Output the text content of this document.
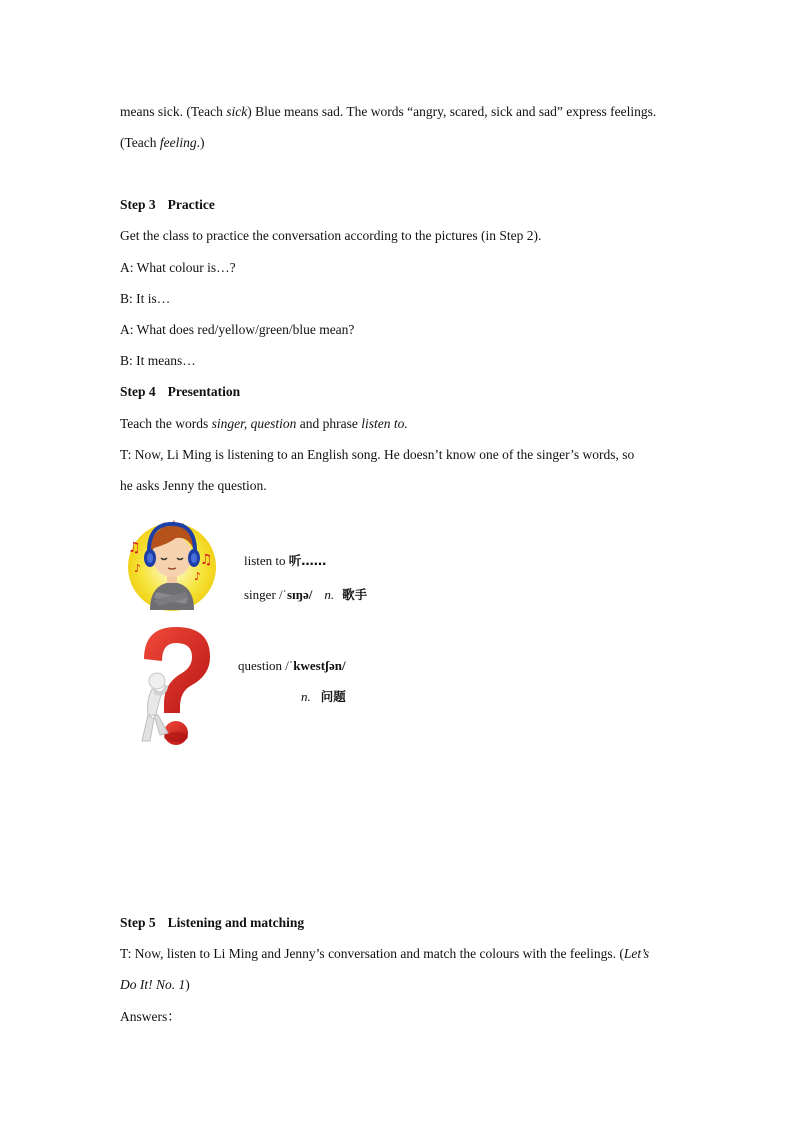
means sick. (Teach sick) Blue means sad. The words “angry, scared, sick and sad” express feelings.
(Teach feeling.)
Step 3 Practice
Get the class to practice the conversation according to the pictures (in Step 2).
A: What colour is…?
B: It is…
A: What does red/yellow/green/blue mean?
B: It means…
Step 4 Presentation
Teach the words singer, question and phrase listen to.
T: Now, Li Ming is listening to an English song. He doesn’t know one of the singer’s words, so
he asks Jenny the question.
♫
♪
♫
♪
listen to 听……
singer /ˈsɪŋə/ n. 歌手
question /ˈkwestʃən/
n. 问题
Step 5 Listening and matching
T: Now, listen to Li Ming and Jenny’s conversation and match the colours with the feelings. (Let’s
Do It! No. 1)
Answers：
